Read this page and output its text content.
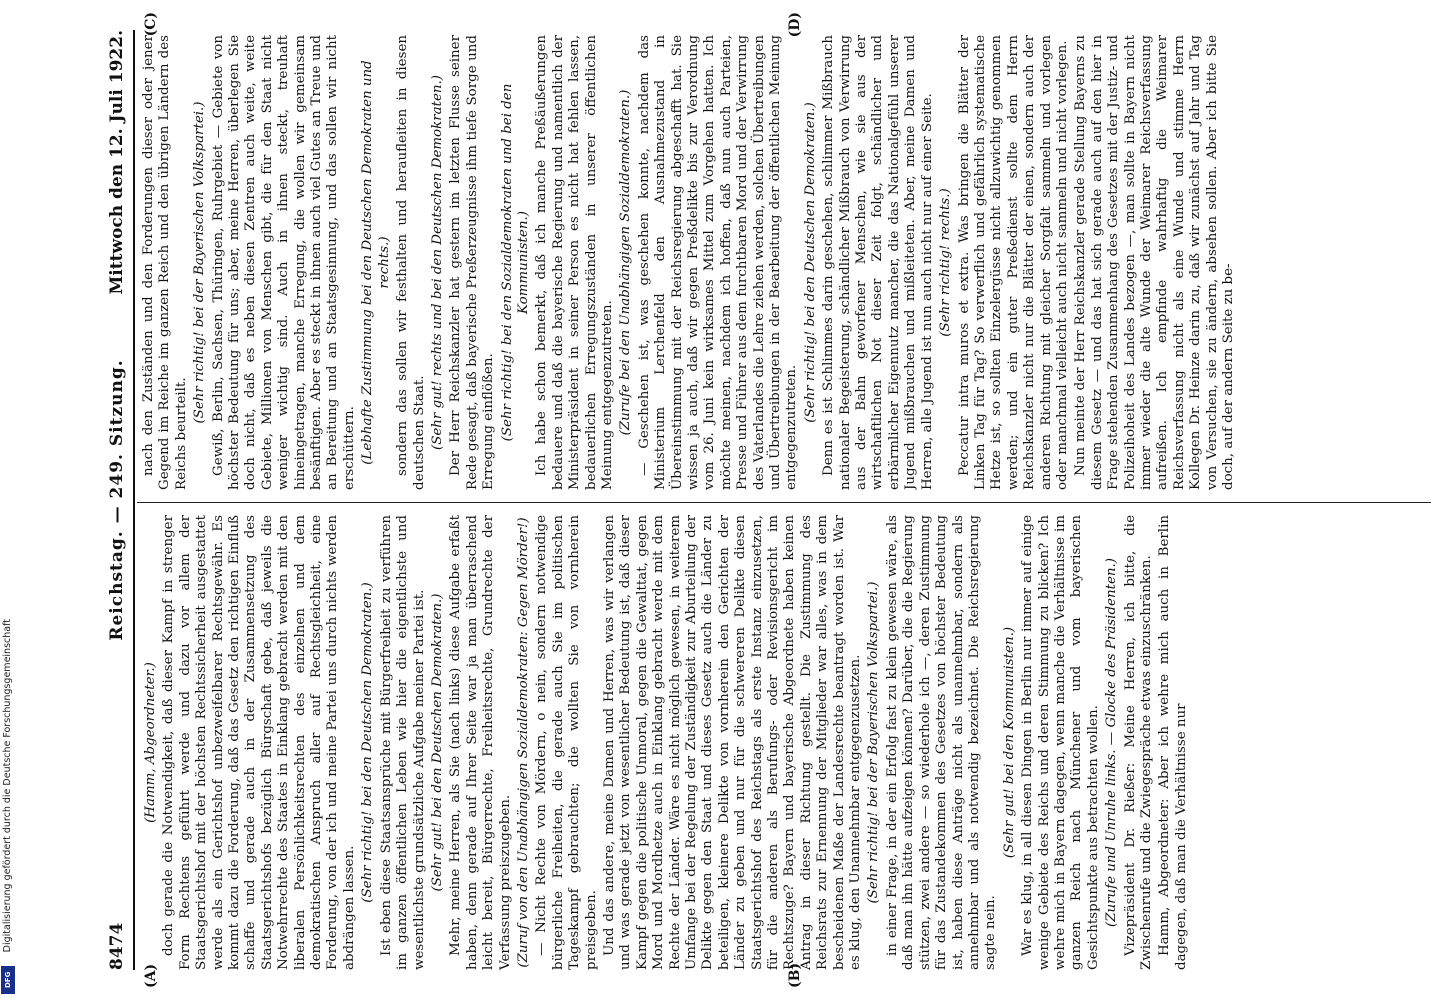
Digitalisierung gefördert durch die Deutsche Forschungsgemeinschaft
DFG
8474
Reichstag. — 249. Sitzung.
Mittwoch den 12. Juli 1922.
(A)	(B)
(C)	(D)

(Hamm, Abgeordneter.) doch gerade die Notwendigkeit, daß dieser Kampf in strenger Form Rechtens geführt werde und dazu vor allem der Staatsgerichtshof mit der höchsten Rechtssicherheit ausgestattet werde als ein Gerichtshof unbezweifelbarer Rechtsgewähr. Es kommt dazu die Forderung, daß das Gesetz den richtigen Einfluß schaffe und gerade auch in der Zusammensetzung des Staatsgerichtshofs bezüglich Bürgschaft gebe, daß jeweils die Notwehrrechte des Staates in Einklang gebracht werden mit den liberalen Persönlichkeitsrechten des einzelnen und dem demokratischen Anspruch aller auf Rechtsgleichheit, eine Forderung, von der ich und meine Partei uns durch nichts werden abdrängen lassen.

(Sehr richtig! bei den Deutschen Demokraten.) Ist eben diese Staatsansprüche mit Bürgerfreiheit zu verführen im ganzen öffentlichen Leben wie hier die eigentlichste und wesentlichste grundsätzliche Aufgabe meiner Partei ist. (Sehr gut! bei den Deutschen Demokraten.) Mehr, meine Herren, als Sie (nach links) diese Aufgabe erfaßt haben, denn gerade auf Ihrer Seite war ja man überraschend leicht bereit, Bürgerrechte, Freiheitsrechte, Grundrechte der Verfassung preiszugeben. (Zuruf von den Unabhängigen Sozialdemokraten: Gegen Mörder!) — Nicht Rechte von Mördern, o nein, sondern notwendige bürgerliche Freiheiten, die gerade auch Sie im politischen Tageskampf gebrauchten; die wollten Sie von vornherein preisgeben. Und das andere, meine Damen und Herren, was wir verlangen und was gerade jetzt von wesentlicher Bedeutung ist, daß dieser Kampf gegen die politische Unmoral, gegen die Gewalttat, gegen Mord und Mordhetze auch in Einklang gebracht werde mit dem Rechte der Länder. Wäre es nicht möglich gewesen, in weiterem Umfange bei der Regelung der Zuständigkeit zur Aburteilung der Delikte gegen den Staat und dieses Gesetz auch die Länder zu beteiligen, kleinere Delikte von vornherein den Gerichten der Länder zu geben und nur für die schwereren Delikte diesen Staatsgerichtshof des Reichstags als erste Instanz einzusetzen, für die anderen als Berufungs- oder Revisionsgericht im Rechtszuge? Bayern und bayerische Abgeordnete haben keinen Antrag in dieser Richtung gestellt. Die Zustimmung des Reichsrats zur Ernennung der Mitglieder war alles, was in dem bescheidenen Maße der Landesrechte beantragt worden ist. War es klug, den Unannehmbar entgegenzusetzen. (Sehr richtig! bei der Bayerischen Volkspartei.) in einer Frage, in der ein Erfolg fast zu klein gewesen wäre, als daß man ihn hätte aufzeigen können? Darüber, die die Regierung stützen, zwei andere — so wiederhole ich —, deren Zustimmung für das Zustandekommen des Gesetzes von höchster Bedeutung ist, haben diese Anträge nicht als unannehmbar, sondern als annehmbar und als notwendig bezeichnet. Die Reichsregierung sagte nein.

(Sehr gut! bei den Kommunisten.) War es klug, in all diesen Dingen in Berlin nur immer auf einige wenige Gebiete des Reichs und deren Stimmung zu blicken? Ich wehre mich in Bayern dagegen, wenn manche die Verhältnisse im ganzen Reich nach Münchener und vom bayerischen Gesichtspunkte aus betrachten wollen. (Zurufe und Unruhe links. — Glocke des Präsidenten.) Vizepräsident Dr. Rießer: Meine Herren, ich bitte, die Zwischenrufe und die Zwiegespräche etwas einzuschränken. Hamm, Abgeordneter: Aber ich wehre mich auch in Berlin dagegen, daß man die Verhältnisse nur

nach den Zuständen und den Forderungen dieser oder jener Gegend im Reiche im ganzen Reich und den übrigen Ländern des Reichs beurteilt.

(Sehr richtig! bei der Bayerischen Volkspartei.) Gewiß, Berlin, Sachsen, Thüringen, Ruhrgebiet — Gebiete von höchster Bedeutung für uns; aber, meine Herren, überlegen Sie doch nicht, daß es neben diesen Zentren auch weite, weite Gebiete, Millionen von Menschen gibt, die für den Staat nicht weniger wichtig sind. Auch in ihnen steckt, treuhaft hineingetragen, manche Erregung, die wollen wir gemeinsam besänftigen. Aber es steckt in ihnen auch viel Gutes an Treue und an Bereitung und an Staatsgesinnung, und das sollen wir nicht erschüttern. (Lebhafte Zustimmung bei den Deutschen Demokraten und rechts.) sondern das sollen wir festhalten und heraufleiten in diesen deutschen Staat. (Sehr gut! rechts und bei den Deutschen Demokraten.) Der Herr Reichskanzler hat gestern im letzten Flusse seiner Rede gesagt, daß bayerische Preßerzeugnisse ihm tiefe Sorge und Erregung einflößen. (Sehr richtig! bei den Sozialdemokraten und bei den Kommunisten.) Ich habe schon bemerkt, daß ich manche Preßäußerungen bedauere und daß die bayerische Regierung und namentlich der Ministerpräsident in seiner Person es nicht hat fehlen lassen, bedauerlichen Erregungszuständen in unserer öffentlichen Meinung entgegenzutreten. (Zurufe bei den Unabhängigen Sozialdemokraten.) — Geschehen ist, was geschehen konnte, nachdem das Ministerium Lerchenfeld den Ausnahmezustand in Übereinstimmung mit der Reichsregierung abgeschafft hat. Sie wissen ja auch, daß wir gegen Preßdelikte bis zur Verordnung vom 26. Juni kein wirksames Mittel zum Vorgehen hatten. Ich möchte meinen, nachdem ich hoffen, daß nun auch Parteien, Presse und Führer aus dem furchtbaren Mord und der Verwirrung des Vaterlandes die Lehre ziehen werden, solchen Übertreibungen und Übertreibungen in der Bearbeitung der öffentlichen Meinung entgegenzutreten.

(Sehr richtig! bei den Deutschen Demokraten.) Denn es ist Schlimmes darin geschehen, schlimmer Mißbrauch nationaler Begeisterung, schändlicher Mißbrauch von Verwirrung aus der Bahn geworfener Menschen, wie sie aus der wirtschaftlichen Not dieser Zeit folgt, schändlicher und erbärmlicher Eigennutz mancher, die das Nationalgefühl unserer Jugend mißbrauchen und mißleiteten. Aber, meine Damen und Herren, alle Jugend ist nun auch nicht nur auf einer Seite. (Sehr richtig! rechts.) Peccatur intra muros et extra. Was bringen die Blätter der Linken Tag für Tag? So verwerflich und gefährlich systematische Hetze ist, so sollten Einzelergüsse nicht allzuwichtig genommen werden; und ein guter Preßedienst sollte dem Herrn Reichskanzler nicht nur die Blätter der einen, sondern auch der anderen Richtung mit gleicher Sorgfalt sammeln und vorlegen oder manchmal vielleicht auch nicht sammeln und nicht vorlegen. Nun meinte der Herr Reichskanzler gerade Stellung Bayerns zu diesem Gesetz — und das hat sich gerade auch auf den hier in Frage stehenden Zusammenhang des Gesetzes mit der Justiz- und Polizeihoheit des Landes bezogen —, man sollte in Bayern nicht immer wieder die alte Wunde der Weimarer Reichsverfassung aufreißen. Ich empfinde wahrhaftig die Weimarer Reichsverfassung nicht als eine Wunde und stimme Herrn Kollegen Dr. Heinze darin zu, daß wir zunächst auf Jahr und Tag von Versuchen, sie zu ändern, absehen sollen. Aber ich bitte Sie doch, auf der andern Seite zu be-
